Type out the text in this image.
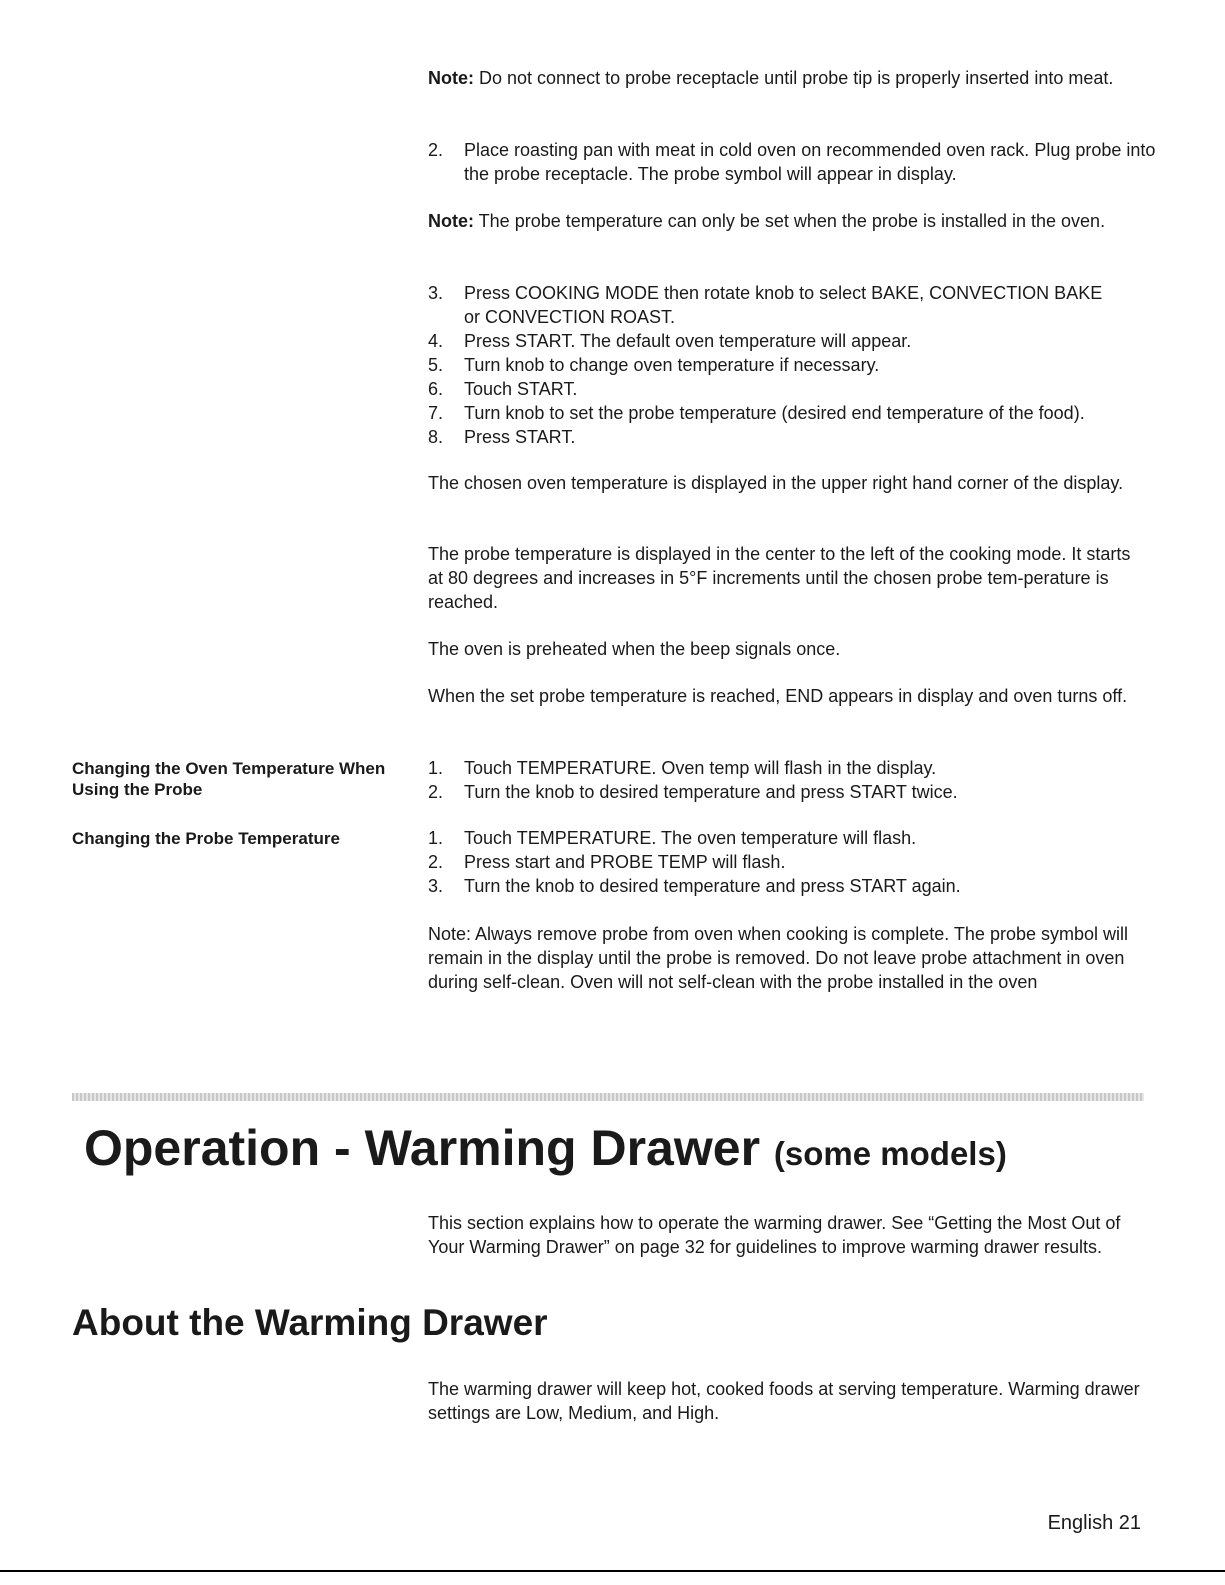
Note: Do not connect to probe receptacle until probe tip is properly inserted into meat.

2.	Place roasting pan with meat in cold oven on recommended oven rack. Plug probe into the probe receptacle. The probe symbol will appear in display.

Note: The probe temperature can only be set when the probe is installed in the oven.

3.	Press COOKING MODE then rotate knob to select BAKE, CONVECTION BAKE or CONVECTION ROAST.
4.	Press START. The default oven temperature will appear.
5.	Turn knob to change oven temperature if necessary.
6.	Touch START.
7.	Turn knob to set the probe temperature (desired end temperature of the food).
8.	Press START.

The chosen oven temperature is displayed in the upper right hand corner of the display.

The probe temperature is displayed in the center to the left of the cooking mode. It starts at 80 degrees and increases in 5°F increments until the chosen probe tem-perature is reached.

The oven is preheated when the beep signals once.

When the set probe temperature is reached, END appears in display and oven turns off.

Changing the Oven Temperature When Using the Probe
1.	Touch TEMPERATURE. Oven temp will flash in the display.
2.	Turn the knob to desired temperature and press START twice.
Changing the Probe Temperature	1.	Touch TEMPERATURE. The oven temperature will flash.
2.	Press start and PROBE TEMP will flash.
3.	Turn the knob to desired temperature and press START again.

Note: Always remove probe from oven when cooking is complete. The probe symbol will remain in the display until the probe is removed. Do not leave probe attachment in oven during self-clean. Oven will not self-clean with the probe installed in the oven

Operation - Warming Drawer (some models)

This section explains how to operate the warming drawer. See “Getting the Most Out of Your Warming Drawer” on page 32 for guidelines to improve warming drawer results.

About the Warming Drawer

The warming drawer will keep hot, cooked foods at serving temperature. Warming drawer settings are Low, Medium, and High.

English 21
